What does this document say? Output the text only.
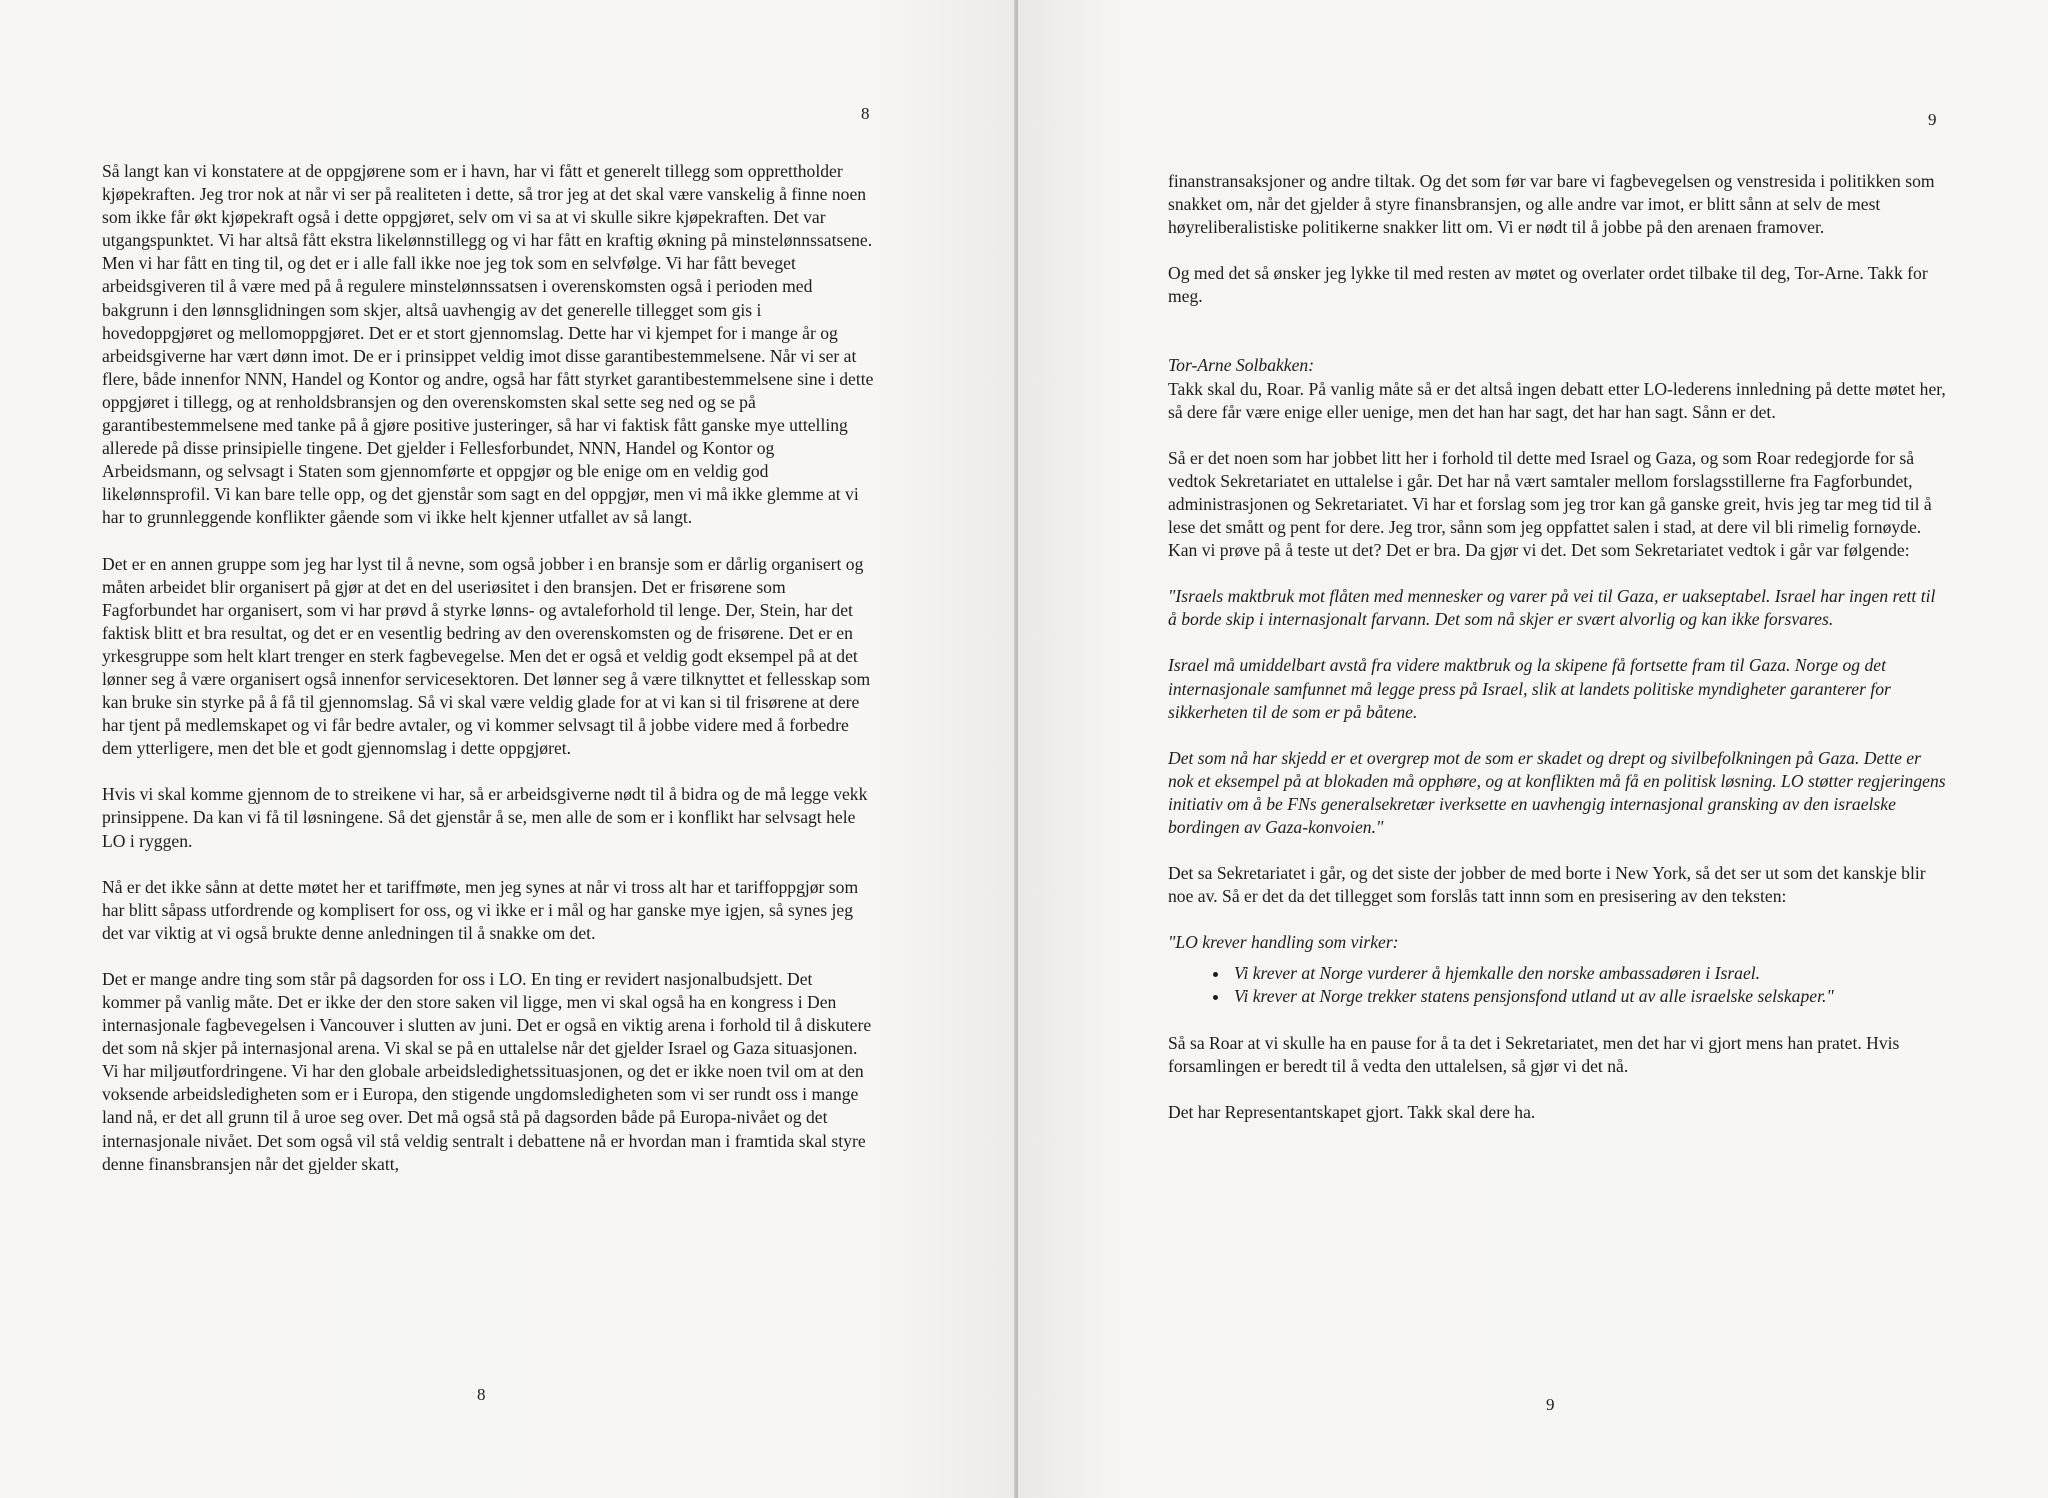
8

Så langt kan vi konstatere at de oppgjørene som er i havn, har vi fått et generelt tillegg som opprettholder kjøpekraften. Jeg tror nok at når vi ser på realiteten i dette, så tror jeg at det skal være vanskelig å finne noen som ikke får økt kjøpekraft også i dette oppgjøret, selv om vi sa at vi skulle sikre kjøpekraften. Det var utgangspunktet. Vi har altså fått ekstra likelønnstillegg og vi har fått en kraftig økning på minstelønnssatsene. Men vi har fått en ting til, og det er i alle fall ikke noe jeg tok som en selvfølge. Vi har fått beveget arbeidsgiveren til å være med på å regulere minstelønnssatsen i overenskomsten også i perioden med bakgrunn i den lønnsglidningen som skjer, altså uavhengig av det generelle tillegget som gis i hovedoppgjøret og mellomoppgjøret. Det er et stort gjennomslag. Dette har vi kjempet for i mange år og arbeidsgiverne har vært dønn imot. De er i prinsippet veldig imot disse garantibestemmelsene. Når vi ser at flere, både innenfor NNN, Handel og Kontor og andre, også har fått styrket garantibestemmelsene sine i dette oppgjøret i tillegg, og at renholdsbransjen og den overenskomsten skal sette seg ned og se på garantibestemmelsene med tanke på å gjøre positive justeringer, så har vi faktisk fått ganske mye uttelling allerede på disse prinsipielle tingene. Det gjelder i Fellesforbundet, NNN, Handel og Kontor og Arbeidsmann, og selvsagt i Staten som gjennomførte et oppgjør og ble enige om en veldig god likelønnsprofil. Vi kan bare telle opp, og det gjenstår som sagt en del oppgjør, men vi må ikke glemme at vi har to grunnleggende konflikter gående som vi ikke helt kjenner utfallet av så langt.

Det er en annen gruppe som jeg har lyst til å nevne, som også jobber i en bransje som er dårlig organisert og måten arbeidet blir organisert på gjør at det en del useriøsitet i den bransjen. Det er frisørene som Fagforbundet har organisert, som vi har prøvd å styrke lønns- og avtaleforhold til lenge. Der, Stein, har det faktisk blitt et bra resultat, og det er en vesentlig bedring av den overenskomsten og de frisørene. Det er en yrkesgruppe som helt klart trenger en sterk fagbevegelse. Men det er også et veldig godt eksempel på at det lønner seg å være organisert også innenfor servicesektoren. Det lønner seg å være tilknyttet et fellesskap som kan bruke sin styrke på å få til gjennomslag. Så vi skal være veldig glade for at vi kan si til frisørene at dere har tjent på medlemskapet og vi får bedre avtaler, og vi kommer selvsagt til å jobbe videre med å forbedre dem ytterligere, men det ble et godt gjennomslag i dette oppgjøret.

Hvis vi skal komme gjennom de to streikene vi har, så er arbeidsgiverne nødt til å bidra og de må legge vekk prinsippene. Da kan vi få til løsningene. Så det gjenstår å se, men alle de som er i konflikt har selvsagt hele LO i ryggen.

Nå er det ikke sånn at dette møtet her et tariffmøte, men jeg synes at når vi tross alt har et tariffoppgjør som har blitt såpass utfordrende og komplisert for oss, og vi ikke er i mål og har ganske mye igjen, så synes jeg det var viktig at vi også brukte denne anledningen til å snakke om det.

Det er mange andre ting som står på dagsorden for oss i LO. En ting er revidert nasjonalbudsjett. Det kommer på vanlig måte. Det er ikke der den store saken vil ligge, men vi skal også ha en kongress i Den internasjonale fagbevegelsen i Vancouver i slutten av juni. Det er også en viktig arena i forhold til å diskutere det som nå skjer på internasjonal arena. Vi skal se på en uttalelse når det gjelder Israel og Gaza situasjonen. Vi har miljøutfordringene. Vi har den globale arbeidsledighetssituasjonen, og det er ikke noen tvil om at den voksende arbeidsledigheten som er i Europa, den stigende ungdomsledigheten som vi ser rundt oss i mange land nå, er det all grunn til å uroe seg over. Det må også stå på dagsorden både på Europa-nivået og det internasjonale nivået. Det som også vil stå veldig sentralt i debattene nå er hvordan man i framtida skal styre denne finansbransjen når det gjelder skatt,

8
9

finanstransaksjoner og andre tiltak. Og det som før var bare vi fagbevegelsen og venstresida i politikken som snakket om, når det gjelder å styre finansbransjen, og alle andre var imot, er blitt sånn at selv de mest høyreliberalistiske politikerne snakker litt om. Vi er nødt til å jobbe på den arenaen framover.

Og med det så ønsker jeg lykke til med resten av møtet og overlater ordet tilbake til deg, Tor-Arne. Takk for meg.

Tor-Arne Solbakken:

Takk skal du, Roar. På vanlig måte så er det altså ingen debatt etter LO-lederens innledning på dette møtet her, så dere får være enige eller uenige, men det han har sagt, det har han sagt. Sånn er det.

Så er det noen som har jobbet litt her i forhold til dette med Israel og Gaza, og som Roar redegjorde for så vedtok Sekretariatet en uttalelse i går. Det har nå vært samtaler mellom forslagsstillerne fra Fagforbundet, administrasjonen og Sekretariatet. Vi har et forslag som jeg tror kan gå ganske greit, hvis jeg tar meg tid til å lese det smått og pent for dere. Jeg tror, sånn som jeg oppfattet salen i stad, at dere vil bli rimelig fornøyde. Kan vi prøve på å teste ut det? Det er bra. Da gjør vi det. Det som Sekretariatet vedtok i går var følgende:

"Israels maktbruk mot flåten med mennesker og varer på vei til Gaza, er uakseptabel. Israel har ingen rett til å borde skip i internasjonalt farvann. Det som nå skjer er svært alvorlig og kan ikke forsvares.

Israel må umiddelbart avstå fra videre maktbruk og la skipene få fortsette fram til Gaza. Norge og det internasjonale samfunnet må legge press på Israel, slik at landets politiske myndigheter garanterer for sikkerheten til de som er på båtene.

Det som nå har skjedd er et overgrep mot de som er skadet og drept og sivilbefolkningen på Gaza. Dette er nok et eksempel på at blokaden må opphøre, og at konflikten må få en politisk løsning. LO støtter regjeringens initiativ om å be FNs generalsekretær iverksette en uavhengig internasjonal gransking av den israelske bordingen av Gaza-konvoien."

Det sa Sekretariatet i går, og det siste der jobber de med borte i New York, så det ser ut som det kanskje blir noe av. Så er det da det tillegget som forslås tatt innn som en presisering av den teksten:

"LO krever handling som virker:

• Vi krever at Norge vurderer å hjemkalle den norske ambassadøren i Israel.
• Vi krever at Norge trekker statens pensjonsfond utland ut av alle israelske selskaper."

Så sa Roar at vi skulle ha en pause for å ta det i Sekretariatet, men det har vi gjort mens han pratet. Hvis forsamlingen er beredt til å vedta den uttalelsen, så gjør vi det nå.

Det har Representantskapet gjort. Takk skal dere ha.

9
